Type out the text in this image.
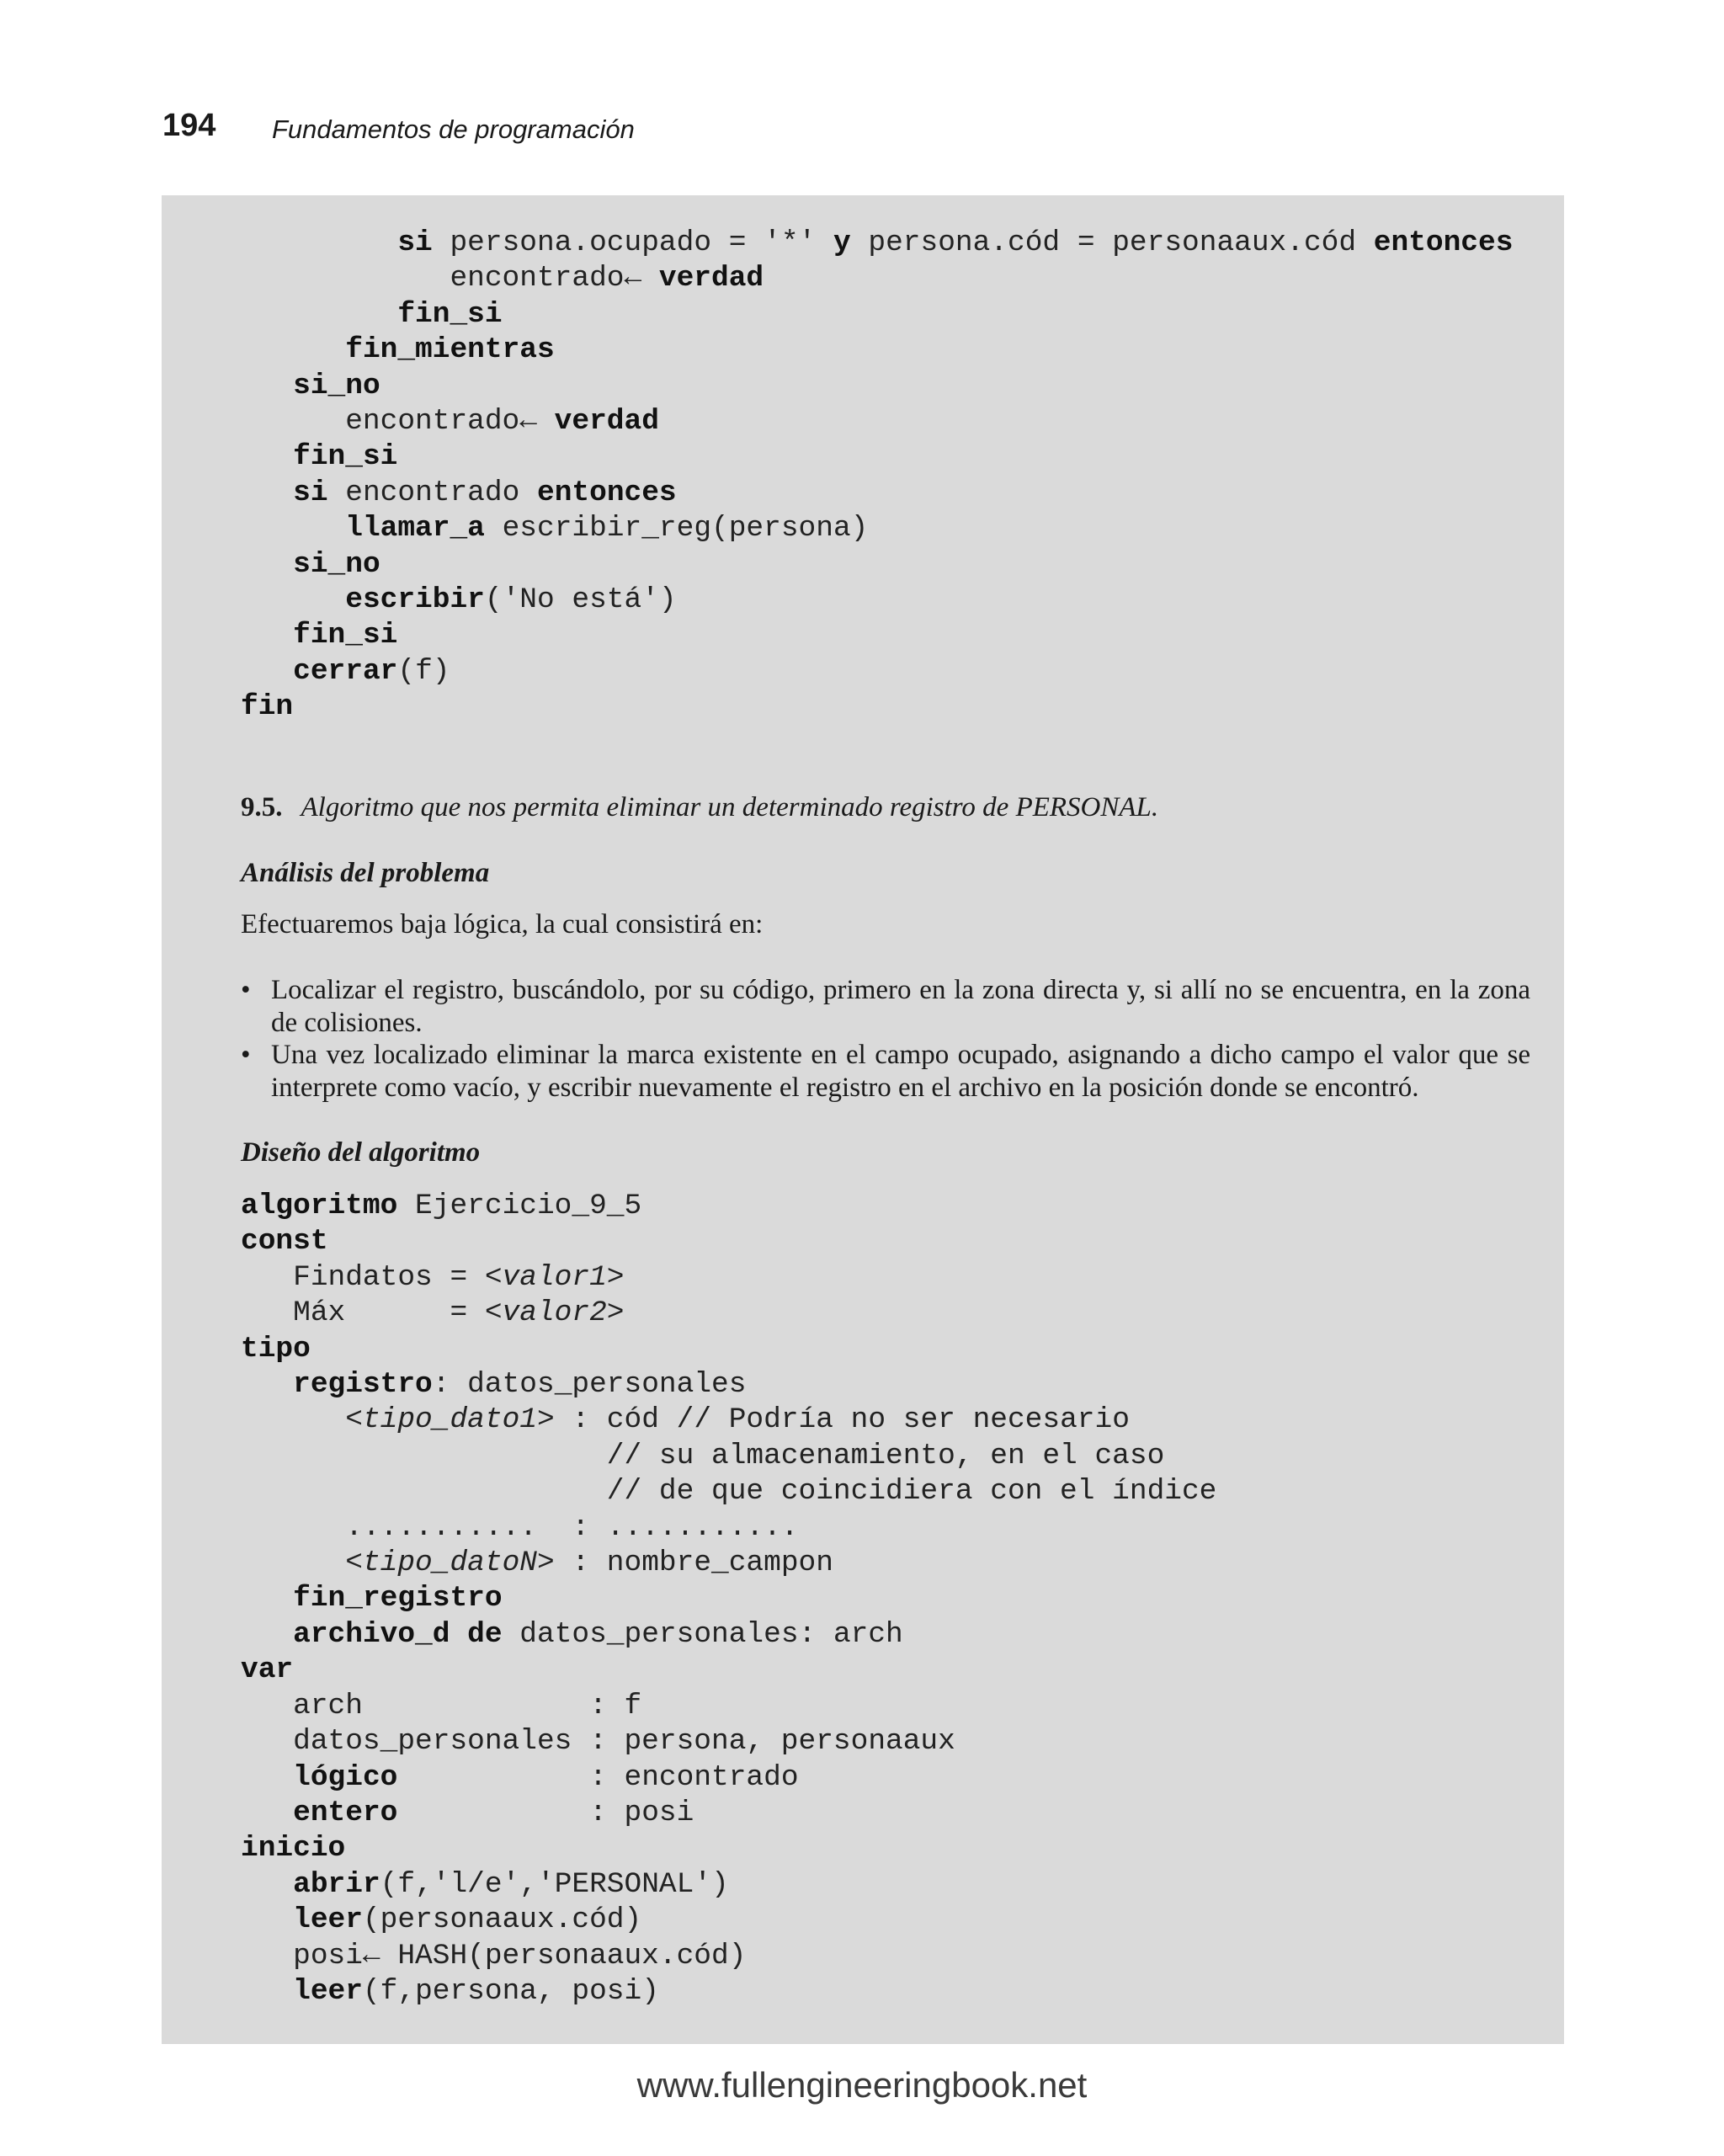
194 Fundamentos de programación
si persona.ocupado = '*' y persona.cód = personaaux.cód entonces
encontrado← verdad
fin_si
fin_mientras
si_no
encontrado← verdad
fin_si
si encontrado entonces
llamar_a escribir_reg(persona)
si_no
escribir('No está')
fin_si
cerrar(f)
fin

9.5. Algoritmo que nos permita eliminar un determinado registro de PERSONAL.
Análisis del problema
Efectuaremos baja lógica, la cual consistirá en:
• Localizar el registro, buscándolo, por su código, primero en la zona directa y, si allí no se encuentra, en la zona de colisiones.
• Una vez localizado eliminar la marca existente en el campo ocupado, asignando a dicho campo el valor que se interprete como vacío, y escribir nuevamente el registro en el archivo en la posición donde se encontró.
Diseño del algoritmo
algoritmo Ejercicio_9_5
const
Findatos = <valor1>
Máx      = <valor2>
tipo
registro: datos_personales
<tipo_dato1> : cód // Podría no ser necesario
// su almacenamiento, en el caso
// de que coincidiera con el índice
...........  : ...........
<tipo_datoN> : nombre_campon
fin_registro
archivo_d de datos_personales: arch
var
arch             : f
datos_personales : persona, personaaux
lógico           : encontrado
entero           : posi
inicio
abrir(f,'l/e','PERSONAL')
leer(personaaux.cód)
posi← HASH(personaaux.cód)
leer(f,persona, posi)

www.fullengineeringbook.net
